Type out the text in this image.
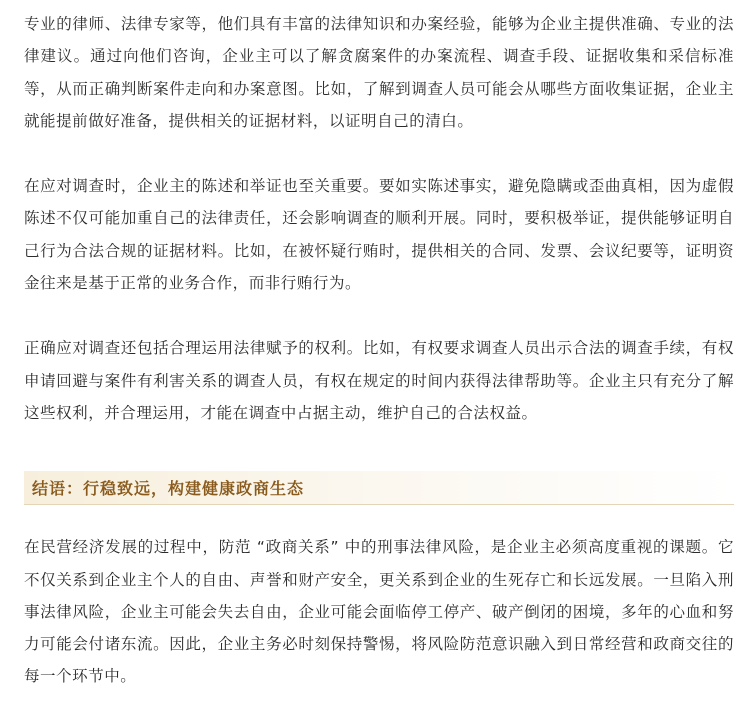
专业的律师、法律专家等，他们具有丰富的法律知识和办案经验，能够为企业主提供准确、专业的法律建议。通过向他们咨询，企业主可以了解贪腐案件的办案流程、调查手段、证据收集和采信标准等，从而正确判断案件走向和办案意图。比如，了解到调查人员可能会从哪些方面收集证据，企业主就能提前做好准备，提供相关的证据材料，以证明自己的清白。

在应对调查时，企业主的陈述和举证也至关重要。要如实陈述事实，避免隐瞒或歪曲真相，因为虚假陈述不仅可能加重自己的法律责任，还会影响调查的顺利开展。同时，要积极举证，提供能够证明自己行为合法合规的证据材料。比如，在被怀疑行贿时，提供相关的合同、发票、会议纪要等，证明资金往来是基于正常的业务合作，而非行贿行为。

正确应对调查还包括合理运用法律赋予的权利。比如，有权要求调查人员出示合法的调查手续，有权申请回避与案件有利害关系的调查人员，有权在规定的时间内获得法律帮助等。企业主只有充分了解这些权利，并合理运用，才能在调查中占据主动，维护自己的合法权益。

结语：行稳致远，构建健康政商生态

在民营经济发展的过程中，防范 “政商关系” 中的刑事法律风险，是企业主必须高度重视的课题。它不仅关系到企业主个人的自由、声誉和财产安全，更关系到企业的生死存亡和长远发展。一旦陷入刑事法律风险，企业主可能会失去自由，企业可能会面临停工停产、破产倒闭的困境，多年的心血和努力可能会付诸东流。因此，企业主务必时刻保持警惕，将风险防范意识融入到日常经营和政商交往的每一个环节中。
